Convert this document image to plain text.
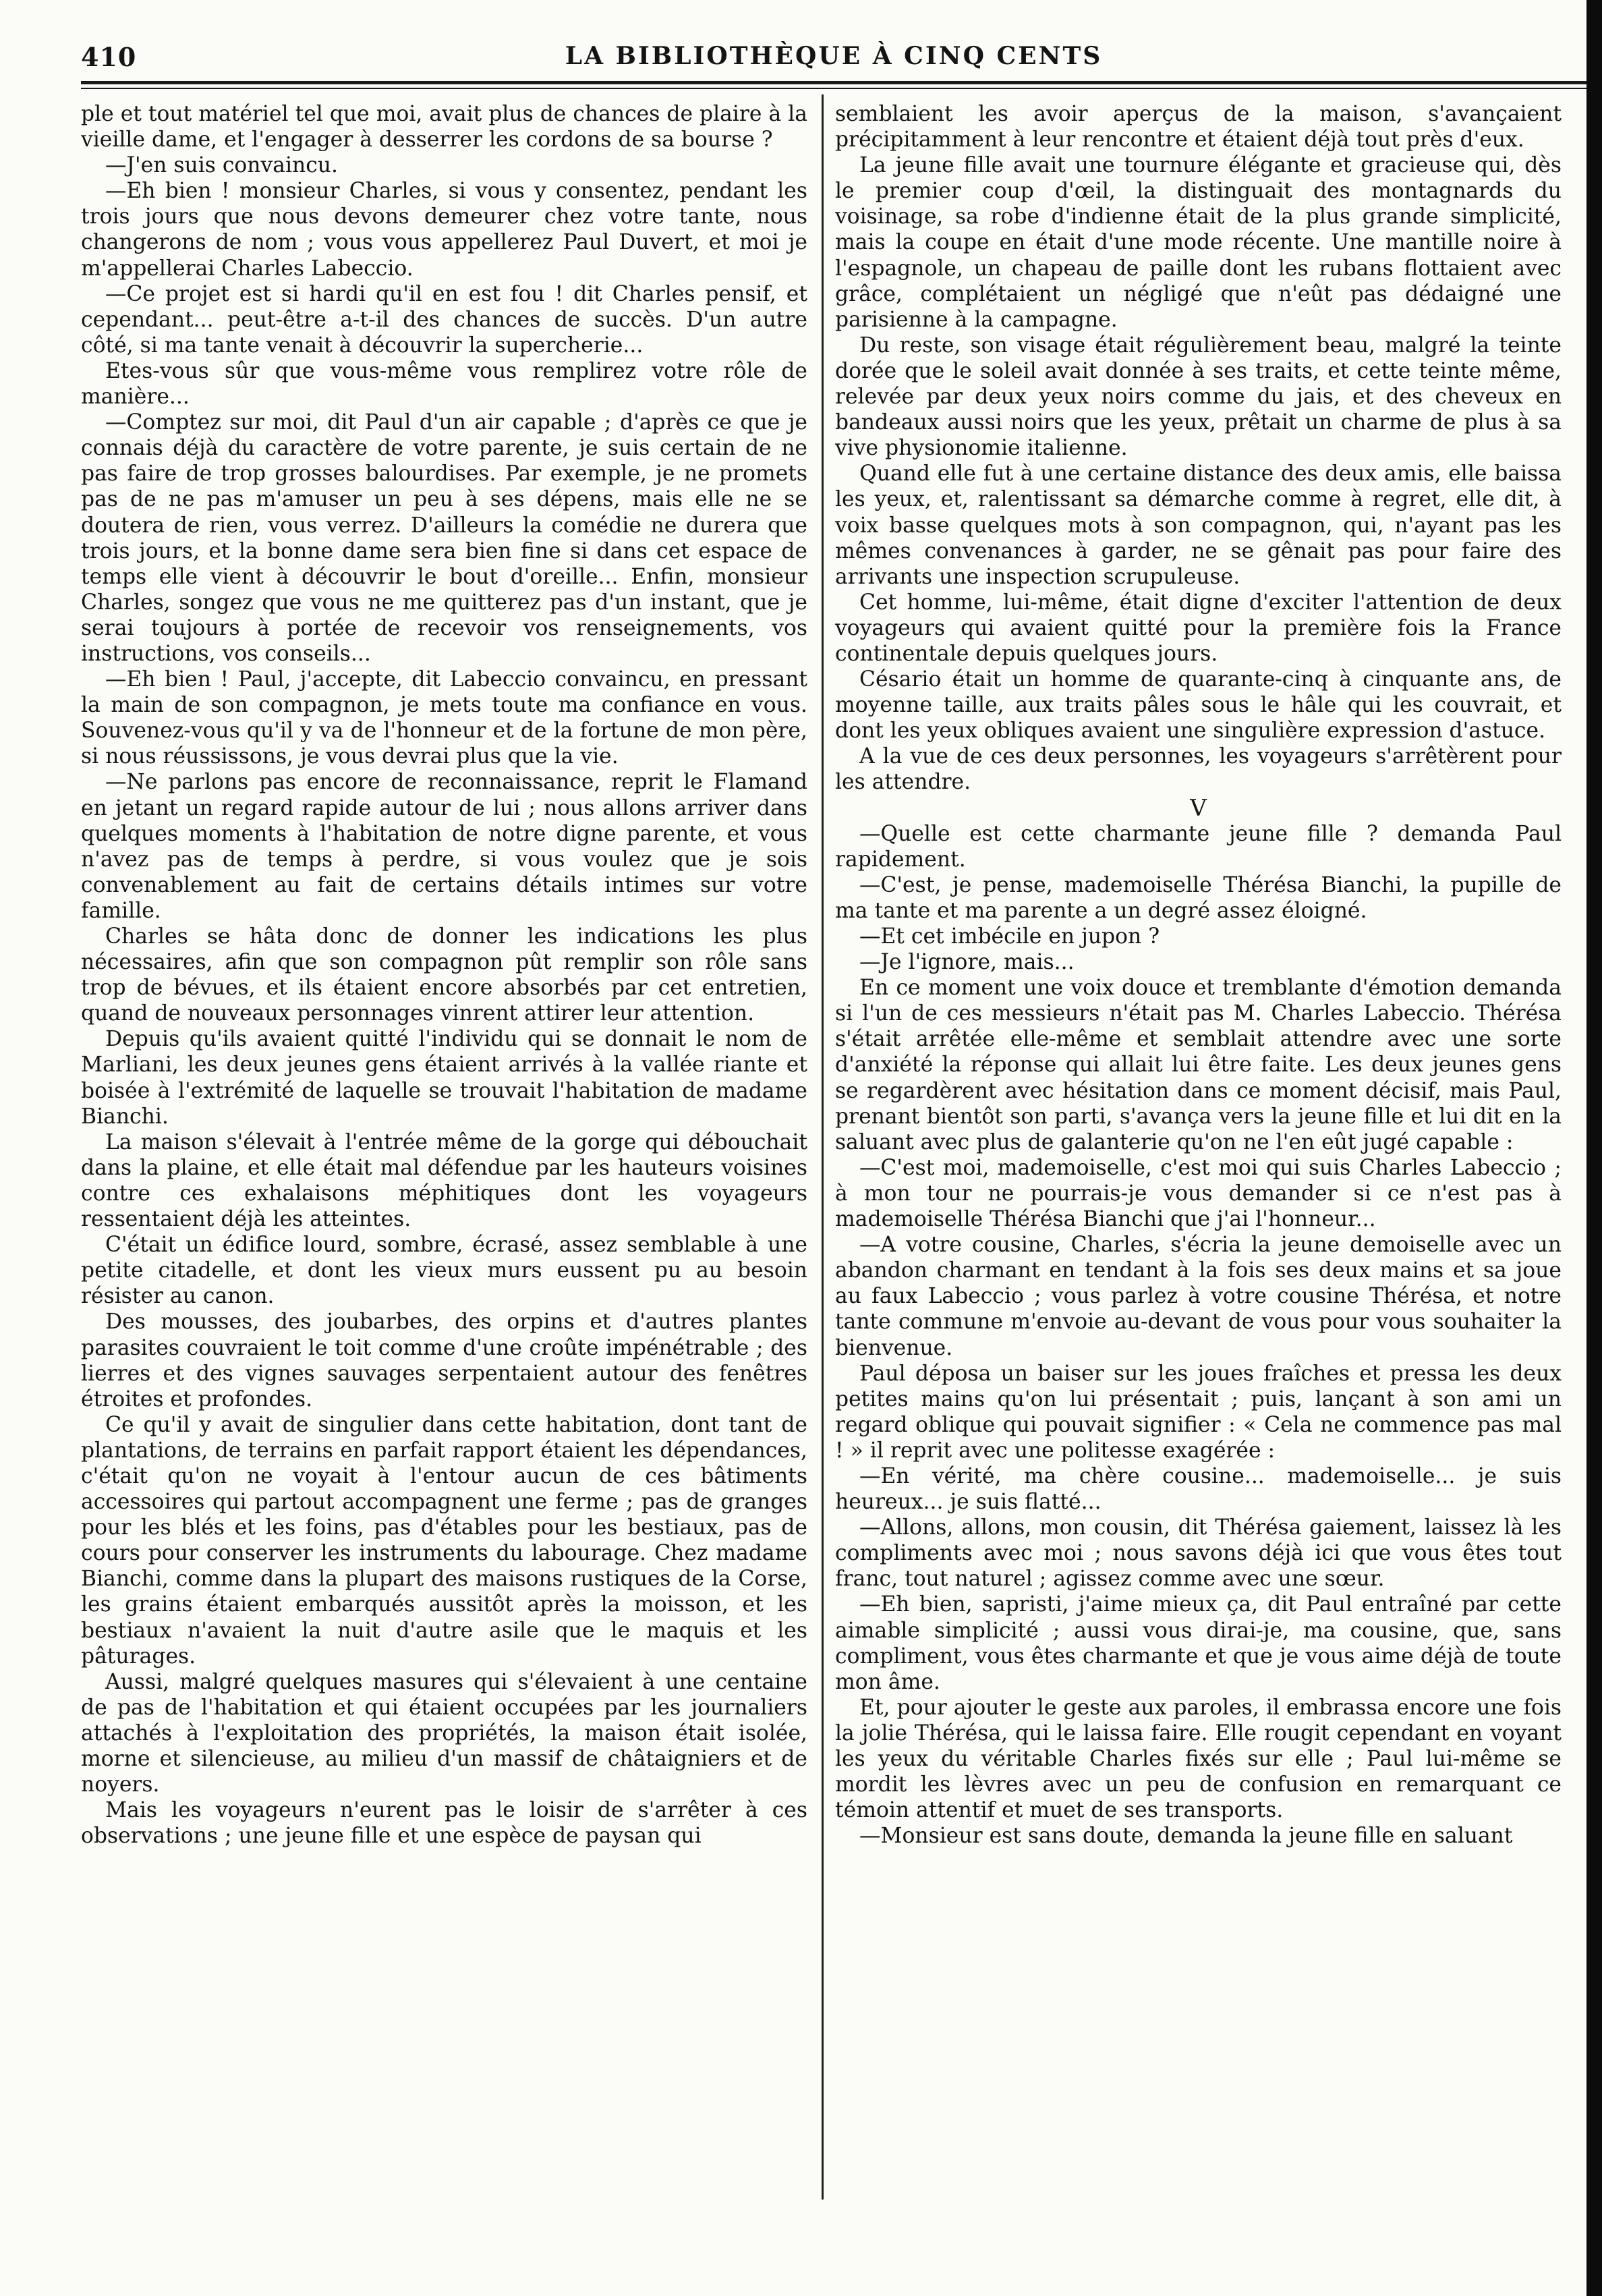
410	LA BIBLIOTHÈQUE À CINQ CENTS

ple et tout matériel tel que moi, avait plus de chances de plaire à la vieille dame, et l'engager à desserrer les cordons de sa bourse ?

—J'en suis convaincu.

—Eh bien ! monsieur Charles, si vous y consentez, pendant les trois jours que nous devons demeurer chez votre tante, nous changerons de nom ; vous vous appellerez Paul Duvert, et moi je m'appellerai Charles Labeccio.

—Ce projet est si hardi qu'il en est fou ! dit Charles pensif, et cependant... peut-être a-t-il des chances de succès. D'un autre côté, si ma tante venait à découvrir la supercherie...

Etes-vous sûr que vous-même vous remplirez votre rôle de manière...

—Comptez sur moi, dit Paul d'un air capable ; d'après ce que je connais déjà du caractère de votre parente, je suis certain de ne pas faire de trop grosses balourdises. Par exemple, je ne promets pas de ne pas m'amuser un peu à ses dépens, mais elle ne se doutera de rien, vous verrez. D'ailleurs la comédie ne durera que trois jours, et la bonne dame sera bien fine si dans cet espace de temps elle vient à découvrir le bout d'oreille... Enfin, monsieur Charles, songez que vous ne me quitterez pas d'un instant, que je serai toujours à portée de recevoir vos renseignements, vos instructions, vos conseils...

—Eh bien ! Paul, j'accepte, dit Labeccio convaincu, en pressant la main de son compagnon, je mets toute ma confiance en vous. Souvenez-vous qu'il y va de l'honneur et de la fortune de mon père, si nous réussissons, je vous devrai plus que la vie.

—Ne parlons pas encore de reconnaissance, reprit le Flamand en jetant un regard rapide autour de lui ; nous allons arriver dans quelques moments à l'habitation de notre digne parente, et vous n'avez pas de temps à perdre, si vous voulez que je sois convenablement au fait de certains détails intimes sur votre famille.

Charles se hâta donc de donner les indications les plus nécessaires, afin que son compagnon pût remplir son rôle sans trop de bévues, et ils étaient encore absorbés par cet entretien, quand de nouveaux personnages vinrent attirer leur attention.

Depuis qu'ils avaient quitté l'individu qui se donnait le nom de Marliani, les deux jeunes gens étaient arrivés à la vallée riante et boisée à l'extrémité de laquelle se trouvait l'habitation de madame Bianchi.

La maison s'élevait à l'entrée même de la gorge qui débouchait dans la plaine, et elle était mal défendue par les hauteurs voisines contre ces exhalaisons méphitiques dont les voyageurs ressentaient déjà les atteintes.

C'était un édifice lourd, sombre, écrasé, assez semblable à une petite citadelle, et dont les vieux murs eussent pu au besoin résister au canon.

Des mousses, des joubarbes, des orpins et d'autres plantes parasites couvraient le toit comme d'une croûte impénétrable ; des lierres et des vignes sauvages serpentaient autour des fenêtres étroites et profondes.

Ce qu'il y avait de singulier dans cette habitation, dont tant de plantations, de terrains en parfait rapport étaient les dépendances, c'était qu'on ne voyait à l'entour aucun de ces bâtiments accessoires qui partout accompagnent une ferme ; pas de granges pour les blés et les foins, pas d'étables pour les bestiaux, pas de cours pour conserver les instruments du labourage. Chez madame Bianchi, comme dans la plupart des maisons rustiques de la Corse, les grains étaient embarqués aussitôt après la moisson, et les bestiaux n'avaient la nuit d'autre asile que le maquis et les pâturages.

Aussi, malgré quelques masures qui s'élevaient à une centaine de pas de l'habitation et qui étaient occupées par les journaliers attachés à l'exploitation des propriétés, la maison était isolée, morne et silencieuse, au milieu d'un massif de châtaigniers et de noyers.

Mais les voyageurs n'eurent pas le loisir de s'arrêter à ces observations ; une jeune fille et une espèce de paysan qui

semblaient les avoir aperçus de la maison, s'avançaient précipitamment à leur rencontre et étaient déjà tout près d'eux.

La jeune fille avait une tournure élégante et gracieuse qui, dès le premier coup d'œil, la distinguait des montagnards du voisinage, sa robe d'indienne était de la plus grande simplicité, mais la coupe en était d'une mode récente. Une mantille noire à l'espagnole, un chapeau de paille dont les rubans flottaient avec grâce, complétaient un négligé que n'eût pas dédaigné une parisienne à la campagne.

Du reste, son visage était régulièrement beau, malgré la teinte dorée que le soleil avait donnée à ses traits, et cette teinte même, relevée par deux yeux noirs comme du jais, et des cheveux en bandeaux aussi noirs que les yeux, prêtait un charme de plus à sa vive physionomie italienne.

Quand elle fut à une certaine distance des deux amis, elle baissa les yeux, et, ralentissant sa démarche comme à regret, elle dit, à voix basse quelques mots à son compagnon, qui, n'ayant pas les mêmes convenances à garder, ne se gênait pas pour faire des arrivants une inspection scrupuleuse.

Cet homme, lui-même, était digne d'exciter l'attention de deux voyageurs qui avaient quitté pour la première fois la France continentale depuis quelques jours.

Césario était un homme de quarante-cinq à cinquante ans, de moyenne taille, aux traits pâles sous le hâle qui les couvrait, et dont les yeux obliques avaient une singulière expression d'astuce.

A la vue de ces deux personnes, les voyageurs s'arrêtèrent pour les attendre.

V

—Quelle est cette charmante jeune fille ? demanda Paul rapidement.

—C'est, je pense, mademoiselle Thérésa Bianchi, la pupille de ma tante et ma parente a un degré assez éloigné.

—Et cet imbécile en jupon ?

—Je l'ignore, mais...

En ce moment une voix douce et tremblante d'émotion demanda si l'un de ces messieurs n'était pas M. Charles Labeccio. Thérésa s'était arrêtée elle-même et semblait attendre avec une sorte d'anxiété la réponse qui allait lui être faite. Les deux jeunes gens se regardèrent avec hésitation dans ce moment décisif, mais Paul, prenant bientôt son parti, s'avança vers la jeune fille et lui dit en la saluant avec plus de galanterie qu'on ne l'en eût jugé capable :

—C'est moi, mademoiselle, c'est moi qui suis Charles Labeccio ; à mon tour ne pourrais-je vous demander si ce n'est pas à mademoiselle Thérésa Bianchi que j'ai l'honneur...

—A votre cousine, Charles, s'écria la jeune demoiselle avec un abandon charmant en tendant à la fois ses deux mains et sa joue au faux Labeccio ; vous parlez à votre cousine Thérésa, et notre tante commune m'envoie au-devant de vous pour vous souhaiter la bienvenue.

Paul déposa un baiser sur les joues fraîches et pressa les deux petites mains qu'on lui présentait ; puis, lançant à son ami un regard oblique qui pouvait signifier : « Cela ne commence pas mal ! » il reprit avec une politesse exagérée :

—En vérité, ma chère cousine... mademoiselle... je suis heureux... je suis flatté...

—Allons, allons, mon cousin, dit Thérésa gaiement, laissez là les compliments avec moi ; nous savons déjà ici que vous êtes tout franc, tout naturel ; agissez comme avec une sœur.

—Eh bien, sapristi, j'aime mieux ça, dit Paul entraîné par cette aimable simplicité ; aussi vous dirai-je, ma cousine, que, sans compliment, vous êtes charmante et que je vous aime déjà de toute mon âme.

Et, pour ajouter le geste aux paroles, il embrassa encore une fois la jolie Thérésa, qui le laissa faire. Elle rougit cependant en voyant les yeux du véritable Charles fixés sur elle ; Paul lui-même se mordit les lèvres avec un peu de confusion en remarquant ce témoin attentif et muet de ses transports.

—Monsieur est sans doute, demanda la jeune fille en saluant
